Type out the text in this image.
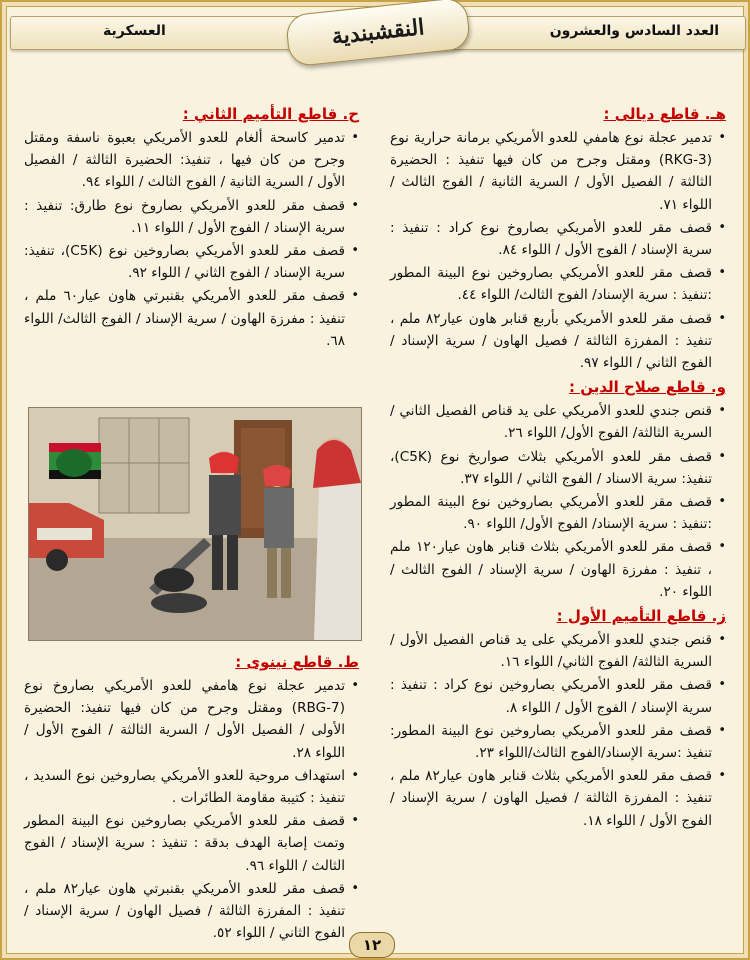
العدد السادس والعشرون
العسكرية	النقشبندية
هـ. قاطع ديالى :

• تدمير عجلة نوع هامفي للعدو الأمريكي برمانة حرارية نوع (RKG-3) ومقتل وجرح من كان فيها تنفيذ : الحضيرة الثالثة / الفصيل الأول / السرية الثانية / الفوج الثالث / اللواء ٧١.

• قصف مقر للعدو الأمريكي بصاروخ نوع كراد : تنفيذ : سرية الإسناد / الفوج الأول / اللواء ٨٤.

• قصف مقر للعدو الأمريكي بصاروخين نوع البينة المطور :تنفيذ : سرية الإسناد/ الفوج الثالث/ اللواء ٤٤.

• قصف مقر للعدو الأمريكي بأربع قنابر هاون عيار٨٢ ملم ، تنفيذ : المفرزة الثالثة / فصيل الهاون / سرية الإسناد / الفوج الثاني / اللواء ٩٧.

و. قاطع صلاح الدين :

• قنص جندي للعدو الأمريكي على يد قناص الفصيل الثاني / السرية الثالثة/ الفوج الأول/ اللواء ٢٦.

• قصف مقر للعدو الأمريكي بثلاث صواريخ نوع (C5K)، تنفيذ: سرية الاسناد / الفوج الثاني / اللواء ٣٧.

• قصف مقر للعدو الأمريكي بصاروخين نوع البينة المطور :تنفيذ : سرية الإسناد/ الفوج الأول/ اللواء ٩٠.

• قصف مقر للعدو الأمريكي بثلاث قنابر هاون عيار١٢٠ ملم ، تنفيذ : مفرزة الهاون / سرية الإسناد / الفوج الثالث / اللواء ٢٠.

ز. قاطع التأميم الأول :

• قنص جندي للعدو الأمريكي على يد قناص الفصيل الأول / السرية الثالثة/ الفوج الثاني/ اللواء ١٦.

• قصف مقر للعدو الأمريكي بصاروخين نوع كراد : تنفيذ : سرية الإسناد / الفوج الأول / اللواء ٨.

• قصف مقر للعدو الأمريكي بصاروخين نوع البينة المطور: تنفيذ :سرية الإسناد/الفوج الثالث/اللواء ٢٣.

• قصف مقر للعدو الأمريكي بثلاث قنابر هاون عيار٨٢ ملم ، تنفيذ : المفرزة الثالثة / فصيل الهاون / سرية الإسناد / الفوج الأول / اللواء ١٨.

ح. قاطع التأميم الثاني :

• تدمير كاسحة ألغام للعدو الأمريكي بعبوة ناسفة ومقتل وجرح من كان فيها ، تنفيذ: الحضيرة الثالثة / الفصيل الأول / السرية الثانية / الفوج الثالث / اللواء ٩٤.

• قصف مقر للعدو الأمريكي بصاروخ نوع طارق: تنفيذ : سرية الإسناد / الفوج الأول / اللواء ١١.

• قصف مقر للعدو الأمريكي بصاروخين نوع (C5K)، تنفيذ: سرية الإسناد / الفوج الثاني / اللواء ٩٢.

• قصف مقر للعدو الأمريكي بقنبرتي هاون عيار٦٠ ملم ، تنفيذ : مفرزة الهاون / سرية الإسناد / الفوج الثالث/ اللواء ٦٨.

ط. قاطع نينوى :

• تدمير عجلة نوع هامفي للعدو الأمريكي بصاروخ نوع (RBG-7) ومقتل وجرح من كان فيها تنفيذ: الحضيرة الأولى / الفصيل الأول / السرية الثالثة / الفوج الأول / اللواء ٢٨.

• استهداف مروحية للعدو الأمريكي بصاروخين نوع السديد ، تنفيذ : كتيبة مقاومة الطائرات .

• قصف مقر للعدو الأمريكي بصاروخين نوع البينة المطور وتمت إصابة الهدف بدقة : تنفيذ : سرية الإسناد / الفوج الثالث / اللواء ٩٦.

• قصف مقر للعدو الأمريكي بقنبرتي هاون عيار٨٢ ملم ، تنفيذ : المفرزة الثالثة / فصيل الهاون / سرية الإسناد / الفوج الثاني / اللواء ٥٢.

١٢
